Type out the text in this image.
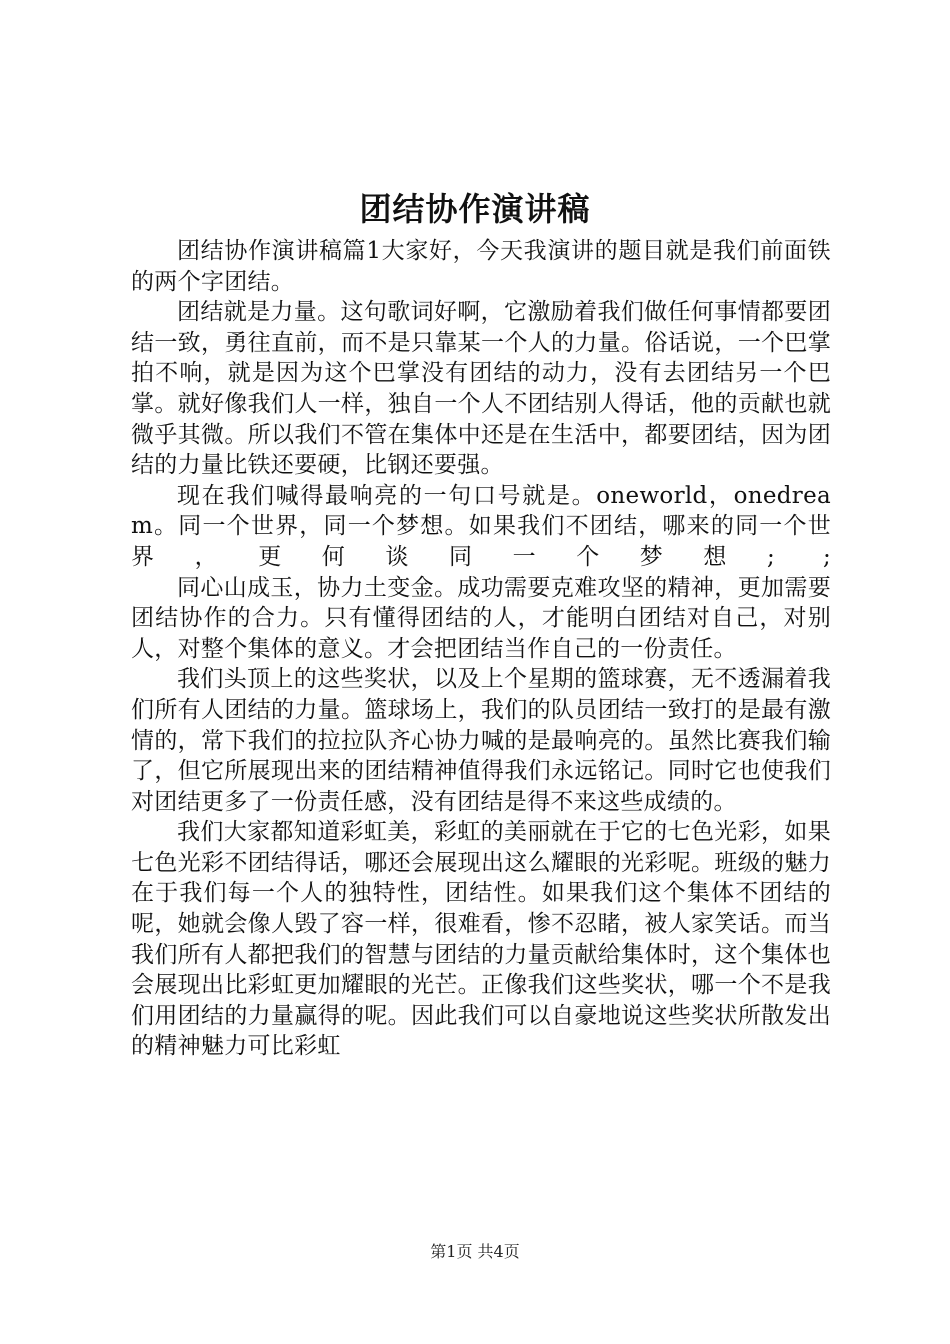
团结协作演讲稿

团结协作演讲稿篇1大家好，今天我演讲的题目就是我们前面铁的两个字团结。

团结就是力量。这句歌词好啊，它激励着我们做任何事情都要团结一致，勇往直前，而不是只靠某一个人的力量。俗话说，一个巴掌拍不响，就是因为这个巴掌没有团结的动力，没有去团结另一个巴掌。就好像我们人一样，独自一个人不团结别人得话，他的贡献也就微乎其微。所以我们不管在集体中还是在生活中，都要团结，因为团结的力量比铁还要硬，比钢还要强。

现在我们喊得最响亮的一句口号就是。oneworld，onedream。同一个世界，同一个梦想。如果我们不团结，哪来的同一个世界，更何谈同一个梦想; ;

同心山成玉，协力土变金。成功需要克难攻坚的精神，更加需要团结协作的合力。只有懂得团结的人，才能明白团结对自己，对别人，对整个集体的意义。才会把团结当作自己的一份责任。

我们头顶上的这些奖状，以及上个星期的篮球赛，无不透漏着我们所有人团结的力量。篮球场上，我们的队员团结一致打的是最有激情的，常下我们的拉拉队齐心协力喊的是最响亮的。虽然比赛我们输了，但它所展现出来的团结精神值得我们永远铭记。同时它也使我们对团结更多了一份责任感，没有团结是得不来这些成绩的。

我们大家都知道彩虹美，彩虹的美丽就在于它的七色光彩，如果七色光彩不团结得话，哪还会展现出这么耀眼的光彩呢。班级的魅力在于我们每一个人的独特性，团结性。如果我们这个集体不团结的呢，她就会像人毁了容一样，很难看，惨不忍睹，被人家笑话。而当我们所有人都把我们的智慧与团结的力量贡献给集体时，这个集体也会展现出比彩虹更加耀眼的光芒。正像我们这些奖状，哪一个不是我们用团结的力量赢得的呢。因此我们可以自豪地说这些奖状所散发出的精神魅力可比彩虹

第1页 共4页
